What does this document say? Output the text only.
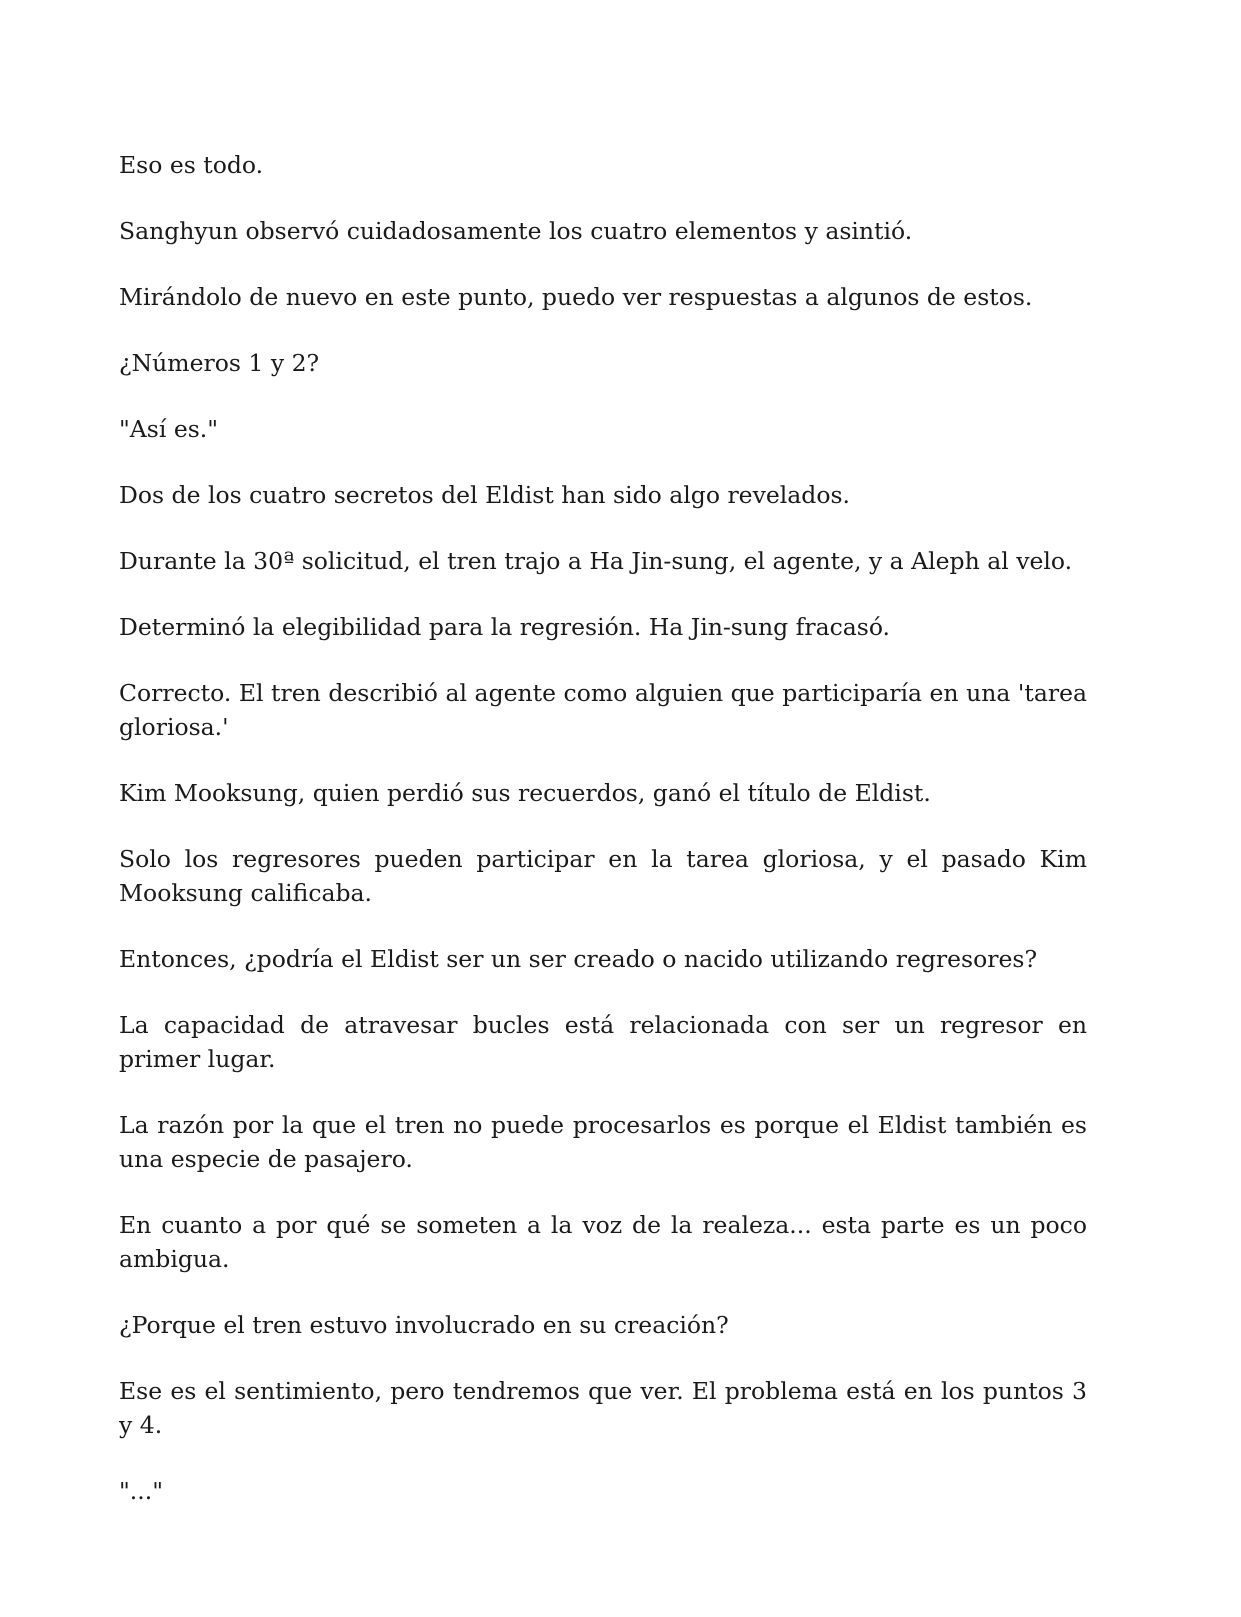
Eso es todo.

Sanghyun observó cuidadosamente los cuatro elementos y asintió.

Mirándolo de nuevo en este punto, puedo ver respuestas a algunos de estos.

¿Números 1 y 2?

"Así es."

Dos de los cuatro secretos del Eldist han sido algo revelados.

Durante la 30ª solicitud, el tren trajo a Ha Jin-sung, el agente, y a Aleph al velo.

Determinó la elegibilidad para la regresión. Ha Jin-sung fracasó.

Correcto. El tren describió al agente como alguien que participaría en una 'tarea gloriosa.'

Kim Mooksung, quien perdió sus recuerdos, ganó el título de Eldist.

Solo los regresores pueden participar en la tarea gloriosa, y el pasado Kim Mooksung calificaba.

Entonces, ¿podría el Eldist ser un ser creado o nacido utilizando regresores?

La capacidad de atravesar bucles está relacionada con ser un regresor en primer lugar.

La razón por la que el tren no puede procesarlos es porque el Eldist también es una especie de pasajero.

En cuanto a por qué se someten a la voz de la realeza... esta parte es un poco ambigua.

¿Porque el tren estuvo involucrado en su creación?

Ese es el sentimiento, pero tendremos que ver. El problema está en los puntos 3 y 4.

"..."
